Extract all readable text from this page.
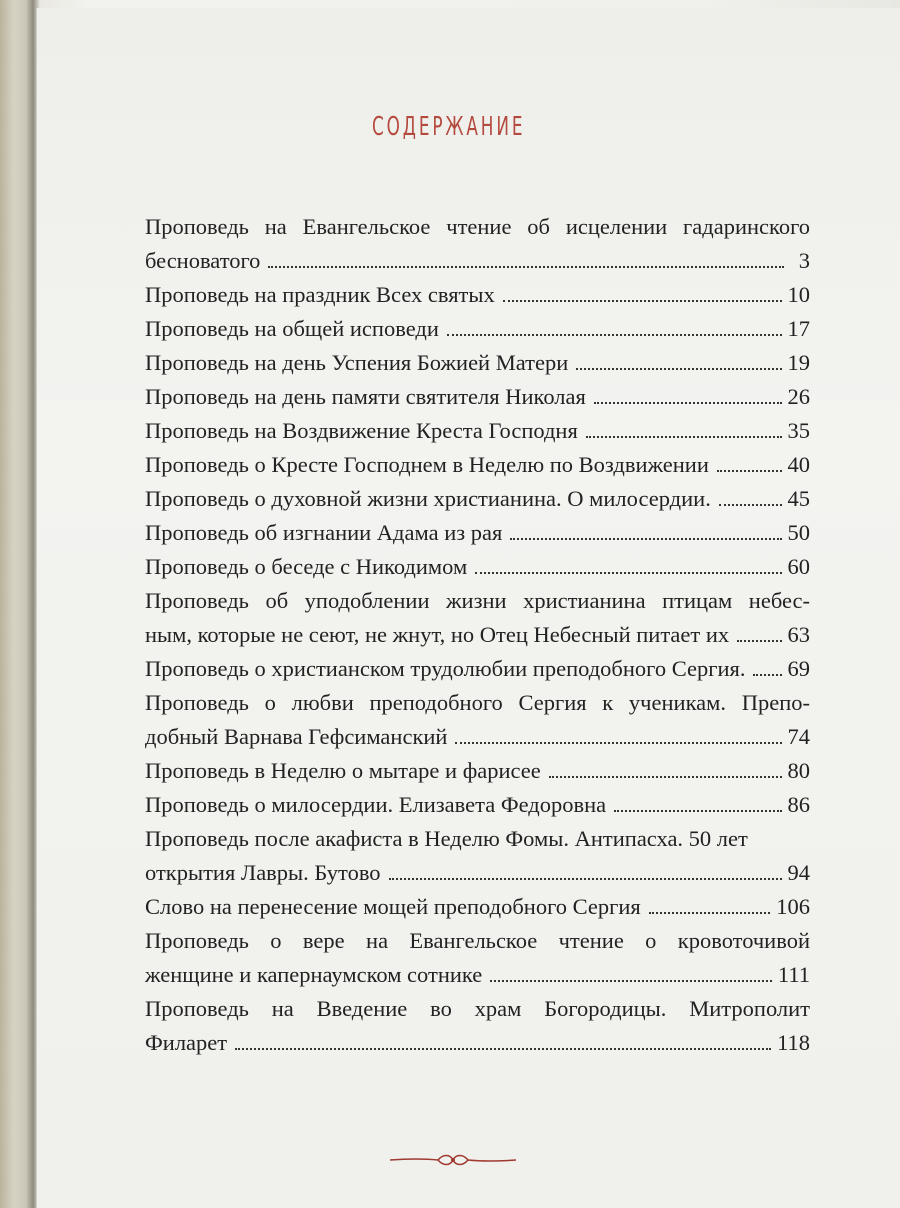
СОДЕРЖАНИЕ
Проповедь на Евангельское чтение об исцелении гадаринского
бесноватого	3
Проповедь на праздник Всех святых	10
Проповедь на общей исповеди	17
Проповедь на день Успения Божией Матери	19
Проповедь на день памяти святителя Николая	26
Проповедь на Воздвижение Креста Господня	35
Проповедь о Кресте Господнем в Неделю по Воздвижении	40
Проповедь о духовной жизни христианина. О милосердии.	45
Проповедь об изгнании Адама из рая	50
Проповедь о беседе с Никодимом	60
Проповедь об уподоблении жизни христианина птицам небес-
ным, которые не сеют, не жнут, но Отец Небесный питает их	63
Проповедь о христианском трудолюбии преподобного Сергия. 69
Проповедь о любви преподобного Сергия к ученикам. Препо-
добный Варнава Гефсиманский	74
Проповедь в Неделю о мытаре и фарисее	80
Проповедь о милосердии. Елизавета Федоровна	86
Проповедь после акафиста в Неделю Фомы. Антипасха. 50 лет
открытия Лавры. Бутово	94
Слово на перенесение мощей преподобного Сергия	106
Проповедь о вере на Евангельское чтение о кровоточивой
женщине и капернаумском сотнике	111
Проповедь на Введение во храм Богородицы. Митрополит
Филарет	118
